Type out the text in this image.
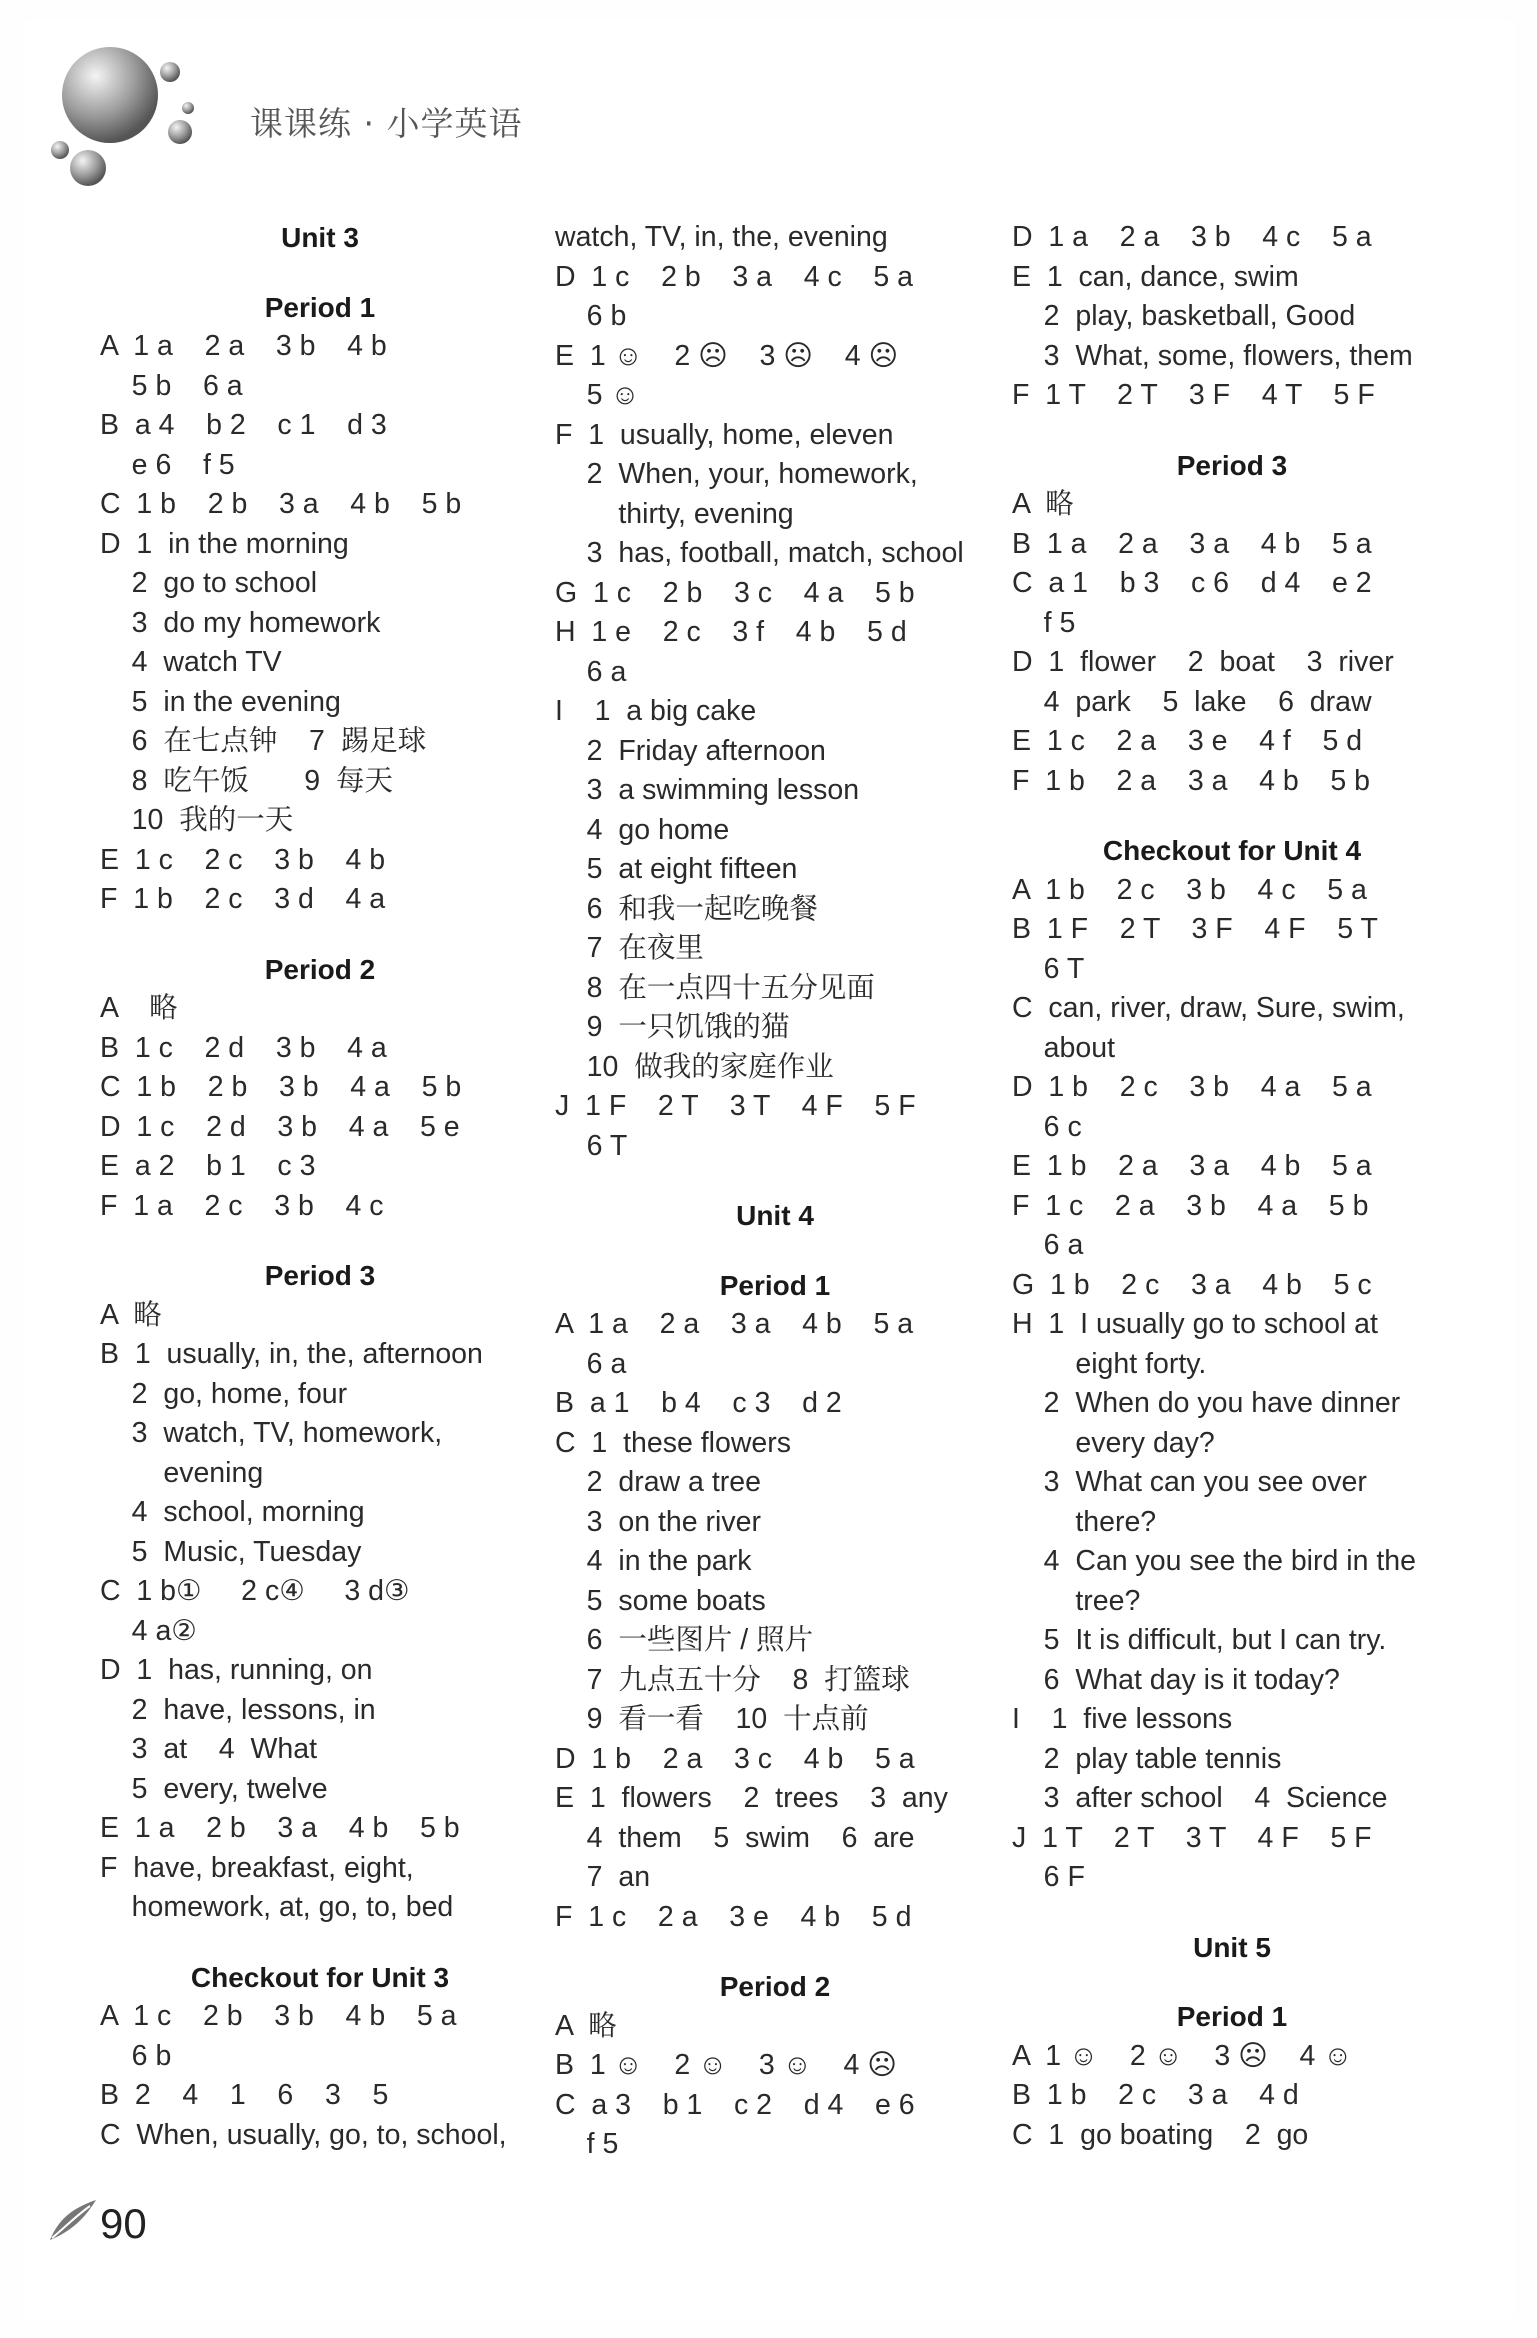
课课练 · 小学英语
Unit 3
Period 1
A  1 a    2 a    3 b    4 b
5 b    6 a
B  a 4    b 2    c 1    d 3
e 6    f 5
C  1 b    2 b    3 a    4 b    5 b
D  1  in the morning
2  go to school
3  do my homework
4  watch TV
5  in the evening
6  在七点钟    7  踢足球
8  吃午饭       9  每天
10  我的一天
E  1 c    2 c    3 b    4 b
F  1 b    2 c    3 d    4 a
Period 2
A    略
B  1 c    2 d    3 b    4 a
C  1 b    2 b    3 b    4 a    5 b
D  1 c    2 d    3 b    4 a    5 e
E  a 2    b 1    c 3
F  1 a    2 c    3 b    4 c
Period 3
A  略
B  1  usually, in, the, afternoon
2  go, home, four
3  watch, TV, homework,
evening
4  school, morning
5  Music, Tuesday
C  1 b①     2 c④     3 d③
4 a②
D  1  has, running, on
2  have, lessons, in
3  at    4  What
5  every, twelve
E  1 a    2 b    3 a    4 b    5 b
F  have, breakfast, eight,
homework, at, go, to, bed
Checkout for Unit 3
A  1 c    2 b    3 b    4 b    5 a
6 b
B  2    4    1    6    3    5
C  When, usually, go, to, school,
watch, TV, in, the, evening
D  1 c    2 b    3 a    4 c    5 a
6 b
E  1 ☺    2 ☹    3 ☹    4 ☹
5 ☺
F  1  usually, home, eleven
2  When, your, homework,
thirty, evening
3  has, football, match, school
G  1 c    2 b    3 c    4 a    5 b
H  1 e    2 c    3 f    4 b    5 d
6 a
I    1  a big cake
2  Friday afternoon
3  a swimming lesson
4  go home
5  at eight fifteen
6  和我一起吃晚餐
7  在夜里
8  在一点四十五分见面
9  一只饥饿的猫
10  做我的家庭作业
J  1 F    2 T    3 T    4 F    5 F
6 T
Unit 4
Period 1
A  1 a    2 a    3 a    4 b    5 a
6 a
B  a 1    b 4    c 3    d 2
C  1  these flowers
2  draw a tree
3  on the river
4  in the park
5  some boats
6  一些图片 / 照片
7  九点五十分    8  打篮球
9  看一看    10  十点前
D  1 b    2 a    3 c    4 b    5 a
E  1  flowers    2  trees    3  any
4  them    5  swim    6  are
7  an
F  1 c    2 a    3 e    4 b    5 d
Period 2
A  略
B  1 ☺    2 ☺    3 ☺    4 ☹
C  a 3    b 1    c 2    d 4    e 6
f 5
D  1 a    2 a    3 b    4 c    5 a
E  1  can, dance, swim
2  play, basketball, Good
3  What, some, flowers, them
F  1 T    2 T    3 F    4 T    5 F
Period 3
A  略
B  1 a    2 a    3 a    4 b    5 a
C  a 1    b 3    c 6    d 4    e 2
f 5
D  1  flower    2  boat    3  river
4  park    5  lake    6  draw
E  1 c    2 a    3 e    4 f    5 d
F  1 b    2 a    3 a    4 b    5 b
Checkout for Unit 4
A  1 b    2 c    3 b    4 c    5 a
B  1 F    2 T    3 F    4 F    5 T
6 T
C  can, river, draw, Sure, swim,
about
D  1 b    2 c    3 b    4 a    5 a
6 c
E  1 b    2 a    3 a    4 b    5 a
F  1 c    2 a    3 b    4 a    5 b
6 a
G  1 b    2 c    3 a    4 b    5 c
H  1  I usually go to school at
eight forty.
2  When do you have dinner
every day?
3  What can you see over
there?
4  Can you see the bird in the
tree?
5  It is difficult, but I can try.
6  What day is it today?
I    1  five lessons
2  play table tennis
3  after school    4  Science
J  1 T    2 T    3 T    4 F    5 F
6 F
Unit 5
Period 1
A  1 ☺    2 ☺    3 ☹    4 ☺
B  1 b    2 c    3 a    4 d
C  1  go boating    2  go
90
